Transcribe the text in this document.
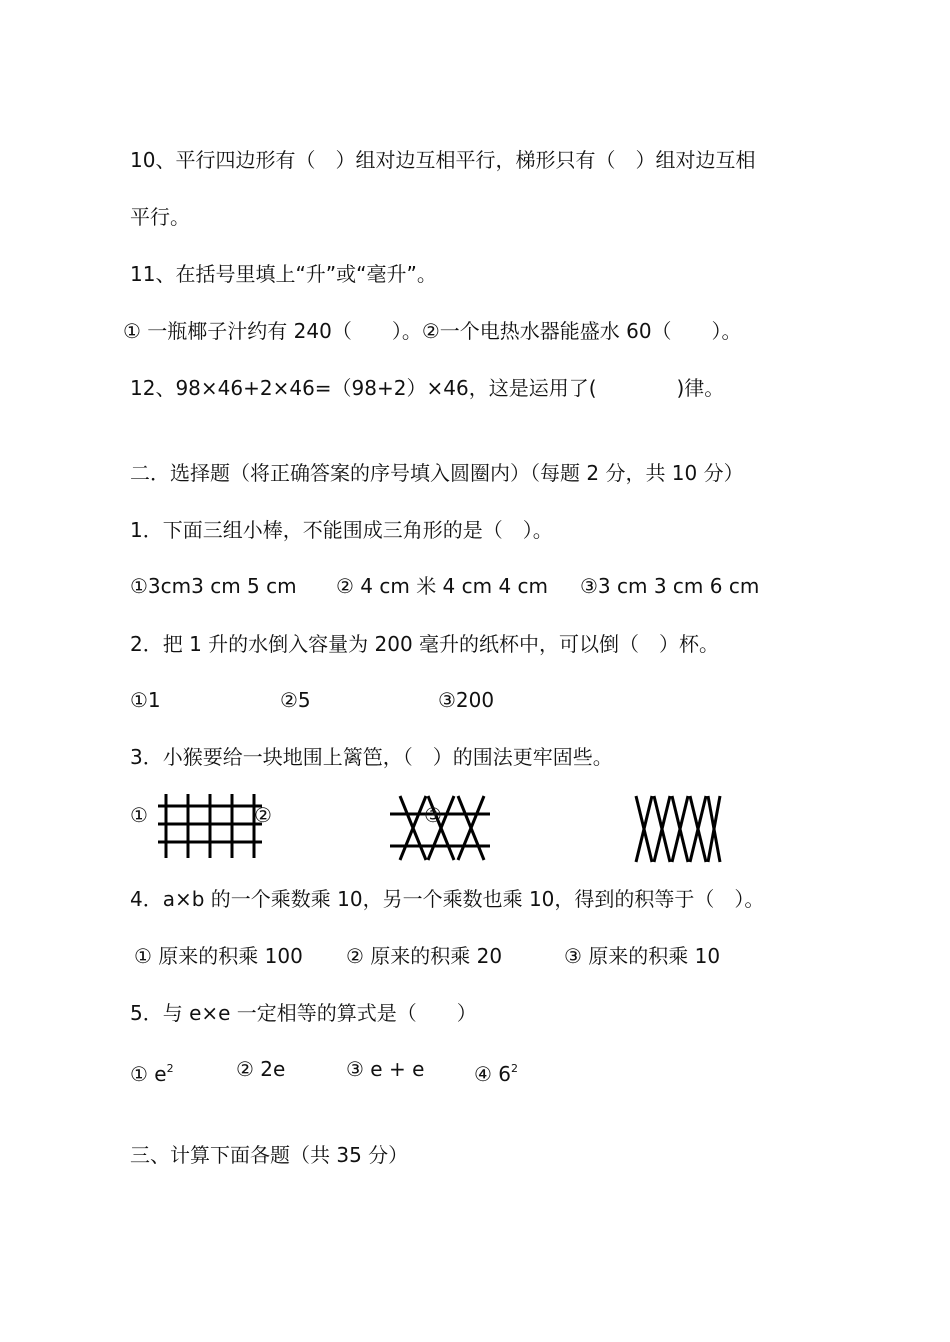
10、平行四边形有（　）组对边互相平行，梯形只有（　）组对边互相
平行。
11、在括号里填上“升”或“毫升”。
① 一瓶椰子汁约有 240（　　）。②一个电热水器能盛水 60（　　）。
12、98×46+2×46=（98+2）×46，这是运用了(　　　　)律。
二．选择题（将正确答案的序号填入圆圈内）（每题 2 分，共 10 分）
1．下面三组小棒，不能围成三角形的是（　）。
①3cm3 cm 5 cm ② 4 cm 米 4 cm 4 cm ③3 cm 3 cm 6 cm
2．把 1 升的水倒入容量为 200 毫升的纸杯中，可以倒（　）杯。
①1	②5	③200
3．小猴要给一块地围上篱笆，（　）的围法更牢固些。
①	②	③
4．a×b 的一个乘数乘 10，另一个乘数也乘 10，得到的积等于（　）。
① 原来的积乘 100 ② 原来的积乘 20	③ 原来的积乘 10
5．与 e×e 一定相等的算式是（　　）
① $e^2$	② 2e	③ e + e ④ $6^2$
三、计算下面各题（共 35 分）
